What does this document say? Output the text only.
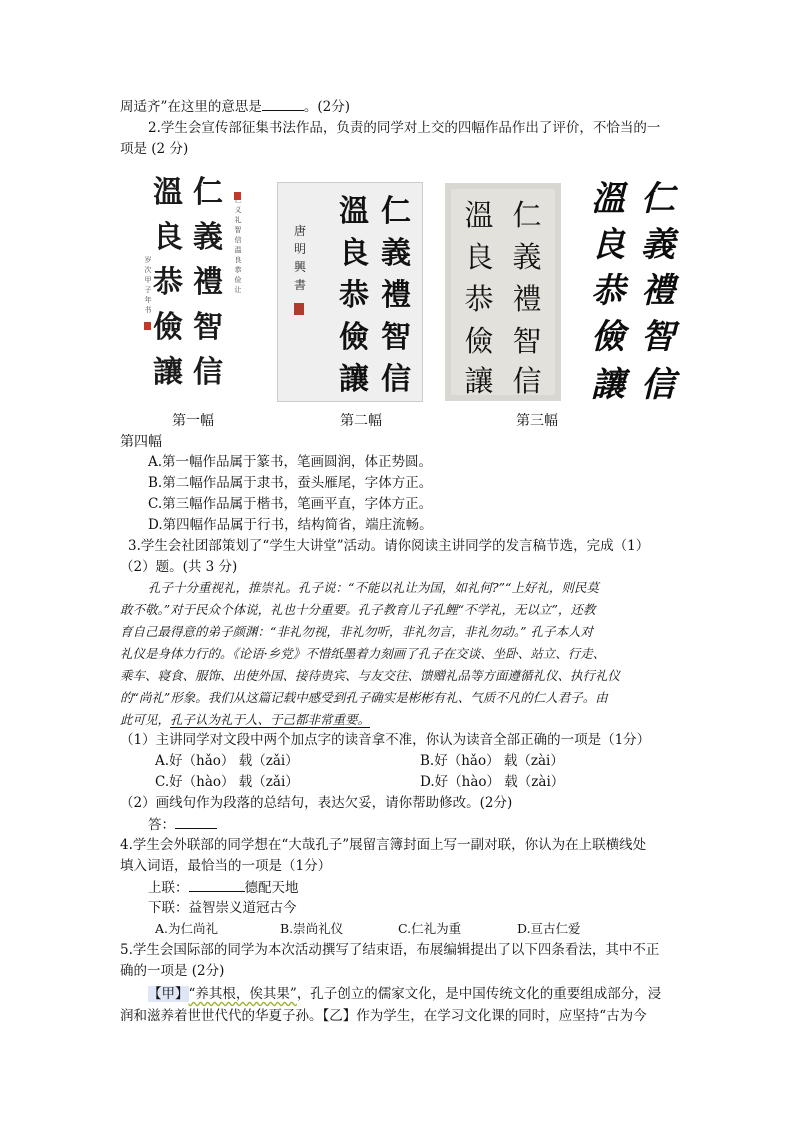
周适齐”在这里的意思是	。(2分)
2.学生会宣传部征集书法作品，负责的同学对上交的四幅作品作出了评价，不恰当的一
项是 (2 分)
仁
義
禮
智
信
溫
良
恭
儉
讓
义
礼
智
信
温
良
恭
俭
让
岁
次
甲
子
年
书
仁
義
禮
智
信
溫
良
恭
儉
讓
唐
明
興
書
仁
義
禮
智
信
溫
良
恭
儉
讓
仁
義
禮
智
信
溫
良
恭
儉
讓
第一幅	第二幅	第三幅
第四幅
A.第一幅作品属于篆书，笔画圆润，体正势圆。
B.第二幅作品属于隶书，蚕头雁尾，字体方正。
C.第三幅作品属于楷书，笔画平直，字体方正。
D.第四幅作品属于行书，结构简省，端庄流畅。
3.学生会社团部策划了“学生大讲堂”活动。请你阅读主讲同学的发言稿节选，完成（1）
（2）题。(共 3 分)
孔子十分重视礼，推崇礼。孔子说：“不能以礼让为国，如礼何?”“上好礼，则民莫
敢不敬。”对于民众个体说，礼也十分重要。孔子教育儿子孔鲤“不学礼，无以立”，还教
育自己最得意的弟子颜渊：“非礼勿视，非礼勿听，非礼勿言，非礼勿动。” 孔子本人对
礼仪是身体力行的。《论语·乡党》不惜纸墨着力刻画了孔子在交谈、坐卧、站立、行走、
乘车、寝食、服饰、出使外国、接待贵宾、与友交往、馈赠礼品等方面遵循礼仪、执行礼仪
的“尚礼”形象。我们从这篇记载中感受到孔子确实是彬彬有礼、气质不凡的仁人君子。由
此可见，孔子认为礼于人、于己都非常重要。
（1）主讲同学对文段中两个加点字的读音拿不准，你认为读音全部正确的一项是（1分）
A.好（hǎo） 载（zǎi）	B.好（hǎo） 载（zài）
C.好（hào） 载（zǎi）	D.好（hào） 载（zài）
（2）画线句作为段落的总结句，表达欠妥，请你帮助修改。(2分)
答：
4.学生会外联部的同学想在“大哉孔子”展留言簿封面上写一副对联，你认为在上联横线处
填入词语，最恰当的一项是（1分）
上联：	德配天地
下联：益智崇义道冠古今
A.为仁尚礼	B.崇尚礼仪	C.仁礼为重	D.亘古仁爱
5.学生会国际部的同学为本次活动撰写了结束语，布展编辑提出了以下四条看法，其中不正
确的一项是 (2分)
【甲】“养其根，俟其果”，孔子创立的儒家文化，是中国传统文化的重要组成部分，浸
润和滋养着世世代代的华夏子孙。【乙】作为学生，在学习文化课的同时，应坚持“古为今
